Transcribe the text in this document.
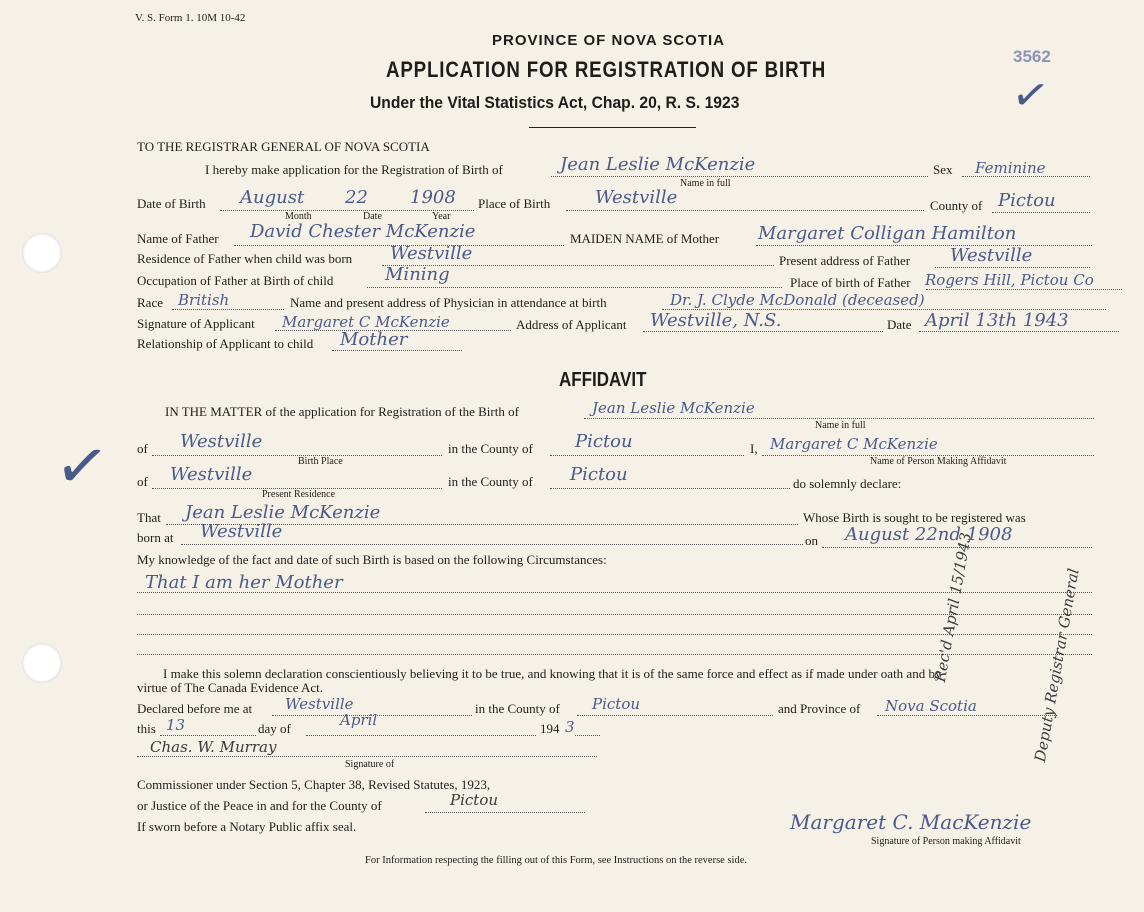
V. S. Form 1. 10M 10-42
PROVINCE OF NOVA SCOTIA
APPLICATION FOR REGISTRATION OF BIRTH
Under the Vital Statistics Act, Chap. 20, R. S. 1923
3562
✓
TO THE REGISTRAR GENERAL OF NOVA SCOTIA
I hereby make application for the Registration of Birth of	Jean Leslie McKenzie
Name in full
Sex Feminine
Date of Birth August 22 1908
Month	Date	Year
Place of Birth Westville	County of Pictou
Name of Father David Chester McKenzie	MAIDEN NAME of Mother Margaret Colligan Hamilton
Residence of Father when child was born Westville	Present address of Father Westville
Occupation of Father at Birth of child	Mining	Place of birth of Father Rogers Hill, Pictou Co
Race British	Name and present address of Physician in attendance at birth	Dr. J. Clyde McDonald (deceased)
Signature of Applicant Margaret C McKenzie	Address of Applicant Westville, N.S.	Date April 13th 1943
Relationship of Applicant to child Mother
AFFIDAVIT
IN THE MATTER of the application for Registration of the Birth of	Jean Leslie McKenzie
Name in full
of Westville
Birth Place
in the County of Pictou	I, Margaret C McKenzie
Name of Person Making Affidavit
of Westville
Present Residence
in the County of Pictou	do solemnly declare:
That Jean Leslie McKenzie	Whose Birth is sought to be registered was
born at Westville	on August 22nd 1908
My knowledge of the fact and date of such Birth is based on the following Circumstances:
That I am her Mother
I make this solemn declaration conscientiously believing it to be true, and knowing that it is of the same force and effect as if made under oath and by
virtue of The Canada Evidence Act.
Declared before me at Westville	in the County of Pictou	and Province of Nova Scotia
this 13	day of	April	194 3
Chas. W. Murray
Signature of
Commissioner under Section 5, Chapter 38, Revised Statutes, 1923,
or Justice of the Peace in and for the County of	Pictou
If sworn before a Notary Public affix seal.	Margaret C. MacKenzie
Signature of Person making Affidavit
Rec'd April 15/1943	Deputy Registrar General
✓
For Information respecting the filling out of this Form, see Instructions on the reverse side.
